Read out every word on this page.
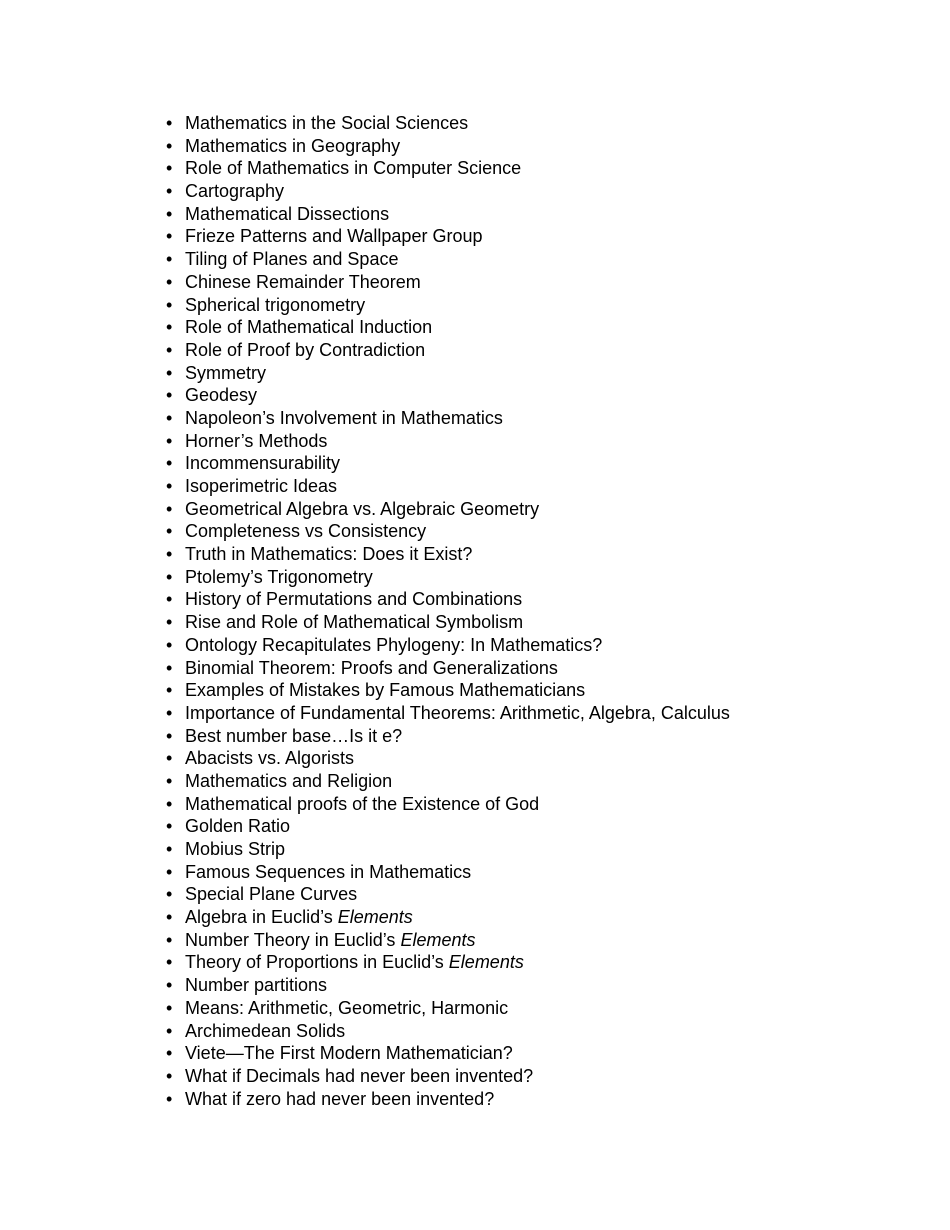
• Mathematics in the Social Sciences
• Mathematics in Geography
• Role of Mathematics in Computer Science
• Cartography
• Mathematical Dissections
• Frieze Patterns and Wallpaper Group
• Tiling of Planes and Space
• Chinese Remainder Theorem
• Spherical trigonometry
• Role of Mathematical Induction
• Role of Proof by Contradiction
• Symmetry
• Geodesy
• Napoleon’s Involvement in Mathematics
• Horner’s Methods
• Incommensurability
• Isoperimetric Ideas
• Geometrical Algebra vs. Algebraic Geometry
• Completeness vs Consistency
• Truth in Mathematics: Does it Exist?
• Ptolemy’s Trigonometry
• History of Permutations and Combinations
• Rise and Role of Mathematical Symbolism
• Ontology Recapitulates Phylogeny: In Mathematics?
• Binomial Theorem: Proofs and Generalizations
• Examples of Mistakes by Famous Mathematicians
• Importance of Fundamental Theorems: Arithmetic, Algebra, Calculus
• Best number base…Is it e?
• Abacists vs. Algorists
• Mathematics and Religion
• Mathematical proofs of the Existence of God
• Golden Ratio
• Mobius Strip
• Famous Sequences in Mathematics
• Special Plane Curves
• Algebra in Euclid’s Elements
• Number Theory in Euclid’s Elements
• Theory of Proportions in Euclid’s Elements
• Number partitions
• Means: Arithmetic, Geometric, Harmonic
• Archimedean Solids
• Viete—The First Modern Mathematician?
• What if Decimals had never been invented?
• What if zero had never been invented?
